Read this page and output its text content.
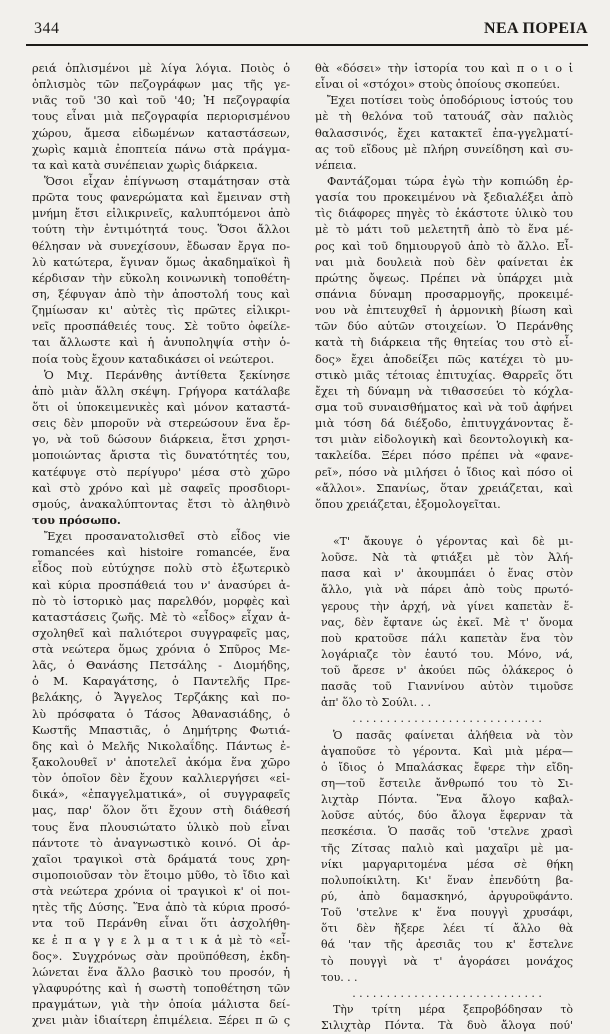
344	ΝΕΑ ΠΟΡΕΙΑ
ρειά ὁπλισμένοι μὲ λίγα λόγια. Ποιὸς ὁ
ὁπλισμὸς τῶν πεζογράφων μας τῆς γε-
νιᾶς τοῦ '30 καὶ τοῦ '40; Ἡ πεζογραφία
τους εἶναι μιὰ πεζογραφία περιορισμένου
χώρου, ἄμεσα εἰδωμένων καταστάσεων,
χωρὶς καμιὰ ἐποπτεία πάνω στὰ πράγμα-
τα καὶ κατὰ συνέπειαν χωρὶς διάρκεια.
Ὅσοι εἶχαν ἐπίγνωση σταμάτησαν στὰ
πρῶτα τους φανερώματα καὶ ἔμειναν στὴ
μνήμη ἔτσι εἰλικρινεῖς, καλυπτόμενοι ἀπὸ
τούτη τὴν ἐντιμότητά τους. Ὅσοι ἄλλοι
θέλησαν νὰ συνεχίσουν, ἔδωσαν ἔργα πο-
λὺ κατώτερα, ἔγιναν ὅμως ἀκαδημαϊκοὶ ἢ
κέρδισαν τὴν εὔκολη κοινωνικὴ τοποθέτη-
ση, ξέφυγαν ἀπὸ τὴν ἀποστολή τους καὶ
ζημίωσαν κι' αὐτὲς τὶς πρῶτες εἰλικρι-
νεῖς προσπάθειές τους. Σὲ τοῦτο ὀφείλε-
ται ἄλλωστε καὶ ἡ ἀνυποληψία στὴν ὁ-
ποία τοὺς ἔχουν καταδικάσει οἱ νεώτεροι.
Ὁ Μιχ. Περάνθης ἀντίθετα ξεκίνησε
ἀπὸ μιὰν ἄλλη σκέψη. Γρήγορα κατάλαβε
ὅτι οἱ ὑποκειμενικὲς καὶ μόνον καταστά-
σεις δὲν μποροῦν νὰ στερεώσουν ἕνα ἔρ-
γο, νὰ τοῦ δώσουν διάρκεια, ἔτσι χρησι-
μοποιώντας ἄριστα τὶς δυνατότητές του,
κατέφυγε στὸ περίγυρο' μέσα στὸ χῶρο
καὶ στὸ χρόνο καὶ μὲ σαφεῖς προσδιορι-
σμούς, ἀνακαλύπτοντας ἔτσι τὸ ἀληθινὸ
του πρόσωπο.
Ἔχει προσανατολισθεῖ στὸ εἶδος vie
romancées καὶ histoire romancée, ἕνα
εἶδος ποὺ εὐτύχησε πολὺ στὸ ἐξωτερικὸ
καὶ κύρια προσπάθειά του ν' ἀνασύρει ἀ-
πὸ τὸ ἱστορικὸ μας παρελθόν, μορφὲς καὶ
καταστάσεις ζωῆς. Μὲ τὸ «εἶδος» εἶχαν ἀ-
σχοληθεῖ καὶ παλιότεροι συγγραφεῖς μας,
στὰ νεώτερα ὅμως χρόνια ὁ Σπῦρος Με-
λᾶς, ὁ Θανάσης Πετσάλης - Διομήδης,
ὁ Μ. Καραγάτσης, ὁ Παντελῆς Πρε-
βελάκης, ὁ Ἄγγελος Τερζάκης καὶ πο-
λὺ πρόσφατα ὁ Τάσος Ἀθανασιάδης, ὁ
Κωστῆς Μπαστιᾶς, ὁ Δημήτρης Φωτιά-
δης καὶ ὁ Μελῆς Νικολαΐδης. Πάντως ἐ-
ξακολουθεῖ ν' ἀποτελεῖ ἀκόμα ἕνα χῶρο
τὸν ὁποῖον δὲν ἔχουν καλλιεργήσει «εἰ-
δικά», «ἐπαγγελματικά», οἱ συγγραφεῖς
μας, παρ' ὅλον ὅτι ἔχουν στὴ διάθεσή
τους ἕνα πλουσιώτατο ὑλικὸ ποὺ εἶναι
πάντοτε τὸ ἀναγνωστικὸ κοινό. Οἱ ἀρ-
χαῖοι τραγικοὶ στὰ δράματά τους χρη-
σιμοποιοῦσαν τὸν ἕτοιμο μῦθο, τὸ ἴδιο καὶ
στὰ νεώτερα χρόνια οἱ τραγικοὶ κ' οἱ ποι-
ητὲς τῆς Δύσης. Ἕνα ἀπὸ τὰ κύρια προσό-
ντα τοῦ Περάνθη εἶναι ὅτι ἀσχολήθη-
κε ἐ π α γ γ ε λ μ α τ ι κ ἁ μὲ τὸ «εἶ-
δος». Συγχρόνως σὰν προϋπόθεση, ἐκδη-
λώνεται ἕνα ἄλλο βασικὸ του προσόν, ἡ
γλαφυρότης καὶ ἡ σωστὴ τοποθέτηση τῶν
πραγμάτων, γιὰ τὴν ὁποία μάλιστα δεί-
χνει μιὰν ἰδιαίτερη ἐπιμέλεια. Ξέρει π ῶ ς
θὰ «δόσει» τὴν ἱστορία του καὶ π ο ι ο ἱ
εἶναι οἱ «στόχοι» στοὺς ὁποίους σκοπεύει.
Ἔχει ποτίσει τοὺς ὁποδόριους ἱστούς του
μὲ τὴ θελόνα τοῦ τατουάζ σὰν παλιὸς
θαλασσινός, ἔχει κατακτεῖ ἐπα-γγελματί-
ας τοῦ εἴδους μὲ πλήρη συνείδηση καὶ συ-
νέπεια.
Φαντάζομαι τώρα ἐγὼ τὴν κοπιώδη ἐρ-
γασία του προκειμένου νὰ ξεδιαλέξει ἀπὸ
τὶς διάφορες πηγὲς τὸ ἑκάστοτε ὑλικὸ του
μὲ τὸ μάτι τοῦ μελετητῆ ἀπὸ τὸ ἕνα μέ-
ρος καὶ τοῦ δημιουργοῦ ἀπὸ τὸ ἄλλο. Εἶ-
ναι μιὰ δουλειὰ ποὺ δὲν φαίνεται ἐκ
πρώτης ὄψεως. Πρέπει νὰ ὑπάρχει μιὰ
σπάνια δύναμη προσαρμογῆς, προκειμέ-
νου νὰ ἐπιτευχθεῖ ἡ ἁρμονικὴ βίωση καὶ
τῶν δύο αὐτῶν στοιχείων. Ὁ Περάνθης
κατὰ τὴ διάρκεια τῆς θητείας του στὸ εἶ-
δος» ἔχει ἀποδείξει πῶς κατέχει τὸ μυ-
στικὸ μιᾶς τέτοιας ἐπιτυχίας. Θαρρεῖς ὅτι
ἔχει τὴ δύναμη νὰ τιθασσεύει τὸ κόχλα-
σμα τοῦ συναισθήματος καὶ νὰ τοῦ ἀφήνει
μιὰ τόση δά διέξοδο, ἐπιτυγχάνοντας ἔ-
τσι μιὰν εἰδολογικὴ καὶ δεοντολογικὴ κα-
τακλείδα. Ξέρει πόσο πρέπει νὰ «φανε-
ρεῖ», πόσο νὰ μιλήσει ὁ ἴδιος καὶ πόσο οἱ
«ἄλλοι». Σπανίως, ὅταν χρειάζεται, καὶ
ὅπου χρειάζεται, ἐξομολογεῖται.
«Τ' ἄκουγε ὁ γέροντας καὶ δὲ μι-
λοῦσε. Νὰ τὰ φτιάξει μὲ τὸν Ἀλή-
πασα καὶ ν' ἀκουμπάει ὁ ἕνας στὸν
ἄλλο, γιὰ νὰ πάρει ἀπὸ τοὺς πρωτό-
γερους τὴν ἀρχή, νὰ γίνει καπετὰν ἕ-
νας, δὲν ἔφτανε ὡς ἐκεῖ. Μὲ τ' ὄνομα
ποὺ κρατοῦσε πάλι καπετὰν ἕνα τὸν
λογάριαζε τὸν ἑαυτό του. Μόνο, νά,
τοῦ ἄρεσε ν' ἀκούει πῶς ὁλάκερος ὁ
πασᾶς τοῦ Γιαννίνου αὐτὸν τιμοῦσε
ἀπ' ὅλο τὸ Σούλι. . .
. . . . . . . . . . . . . . . . . . . . . . . . . . . .
Ὁ πασᾶς φαίνεται ἀλήθεια νὰ τὸν
ἀγαποῦσε τὸ γέροντα. Καὶ μιὰ μέρα—
ὁ ἴδιος ὁ Μπαλάσκας ἔφερε τὴν εἴδη-
ση—τοῦ ἔστειλε ἄνθρωπό του τὸ Σι-
λιχτὰρ Πόντα. Ἕνα ἄλογο καβαλ-
λοῦσε αὐτός, δύο ἄλογα ἔφερναν τὰ
πεσκέσια. Ὁ πασᾶς τοῦ 'στελνε χρασὶ
τῆς Ζίτσας παλιὸ καὶ μαχαῖρι μὲ μα-
νίκι μαργαριτομένα μέσα σὲ θήκη
πολυποίκιλτη. Κι' ἕναν ἐπενδύτη βα-
ρύ, ἀπὸ δαμασκηνό, ἀργυροϋφάντο.
Τοῦ 'στελνε κ' ἕνα πουγγὶ χρυσάφι,
ὅτι δὲν ἤξερε λέει τί ἄλλο θὰ
θά 'ταν τῆς ἀρεσιᾶς του κ' ἔστελνε
τὸ πουγγὶ νὰ τ' ἀγοράσει μονάχος
του. . .
. . . . . . . . . . . . . . . . . . . . . . . . . . . .
Τὴν τρίτη μέρα ξεπροβόδησαν τὸ
Σιλιχτὰρ Πόντα. Τὰ δυὸ ἄλογα πού'
